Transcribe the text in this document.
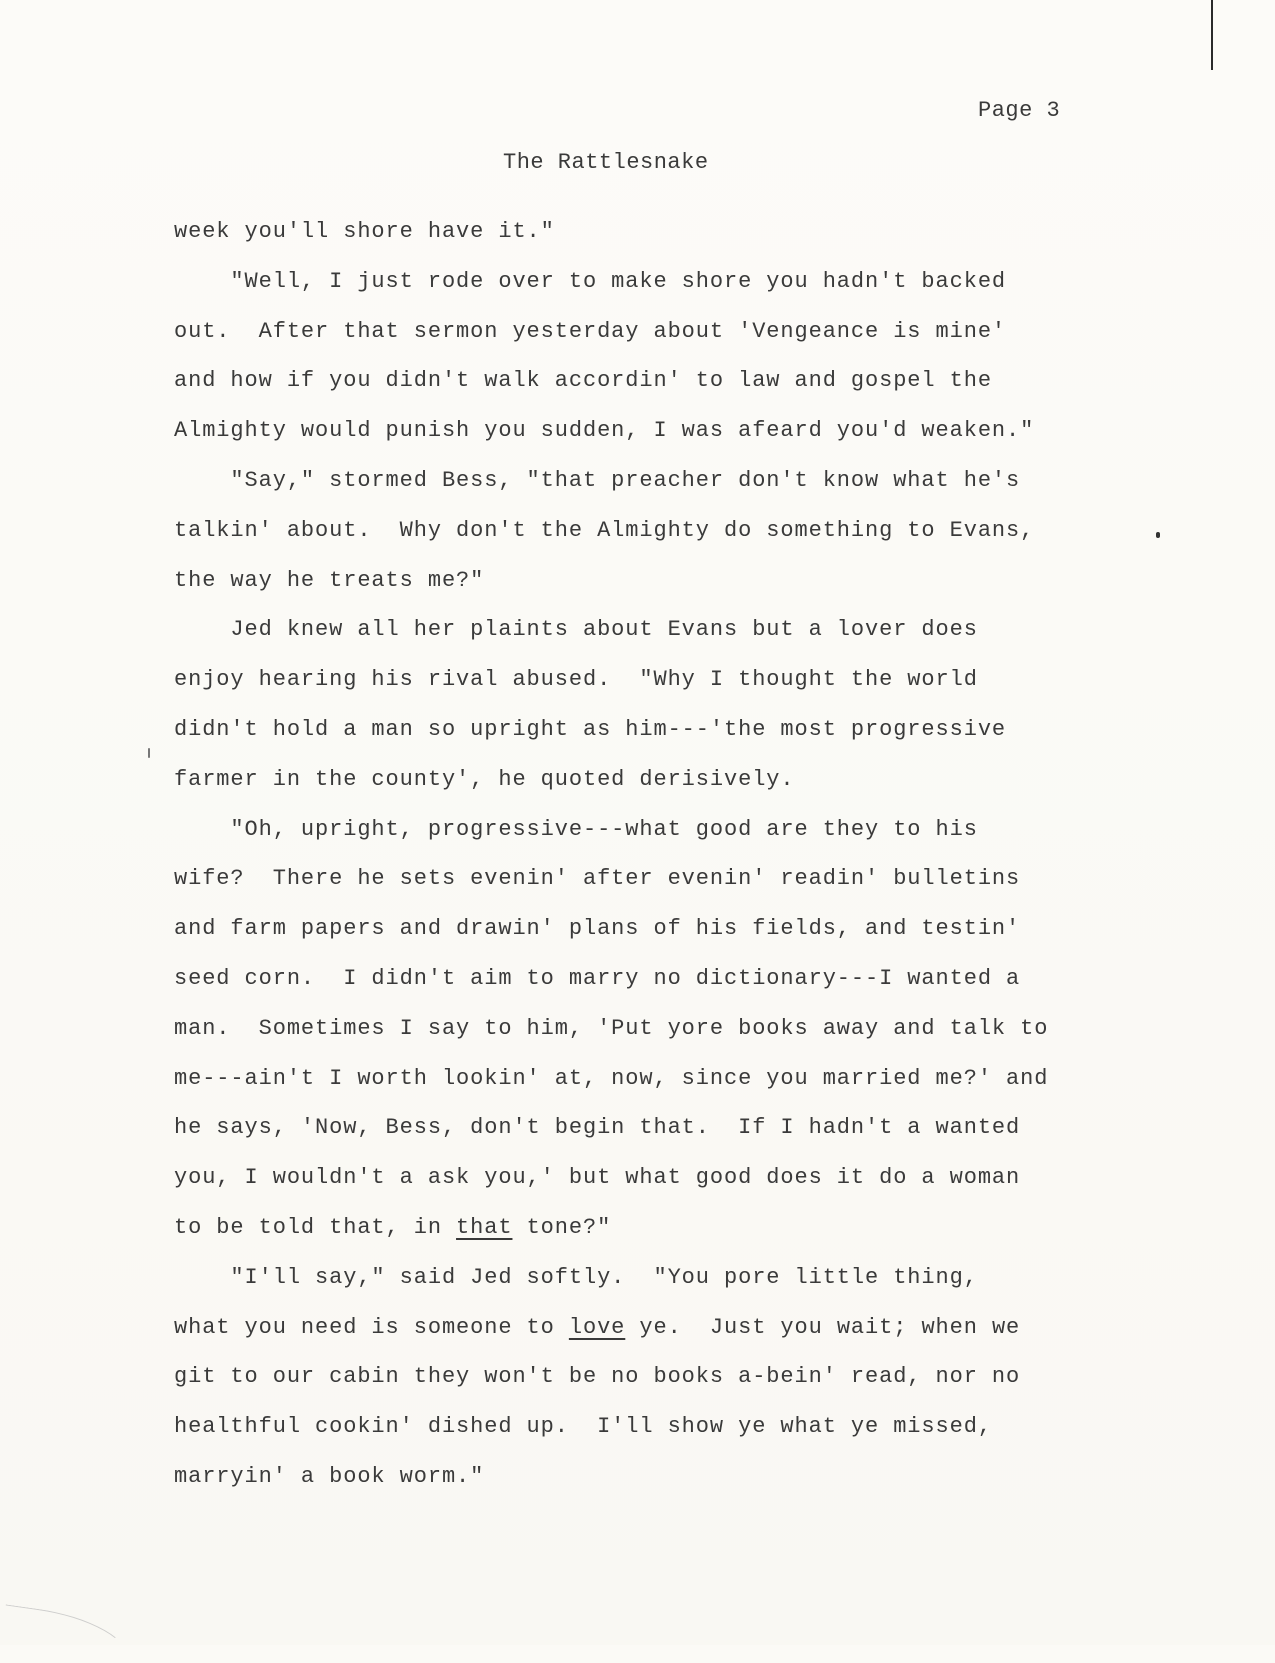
Page 3
The Rattlesnake
week you'll shore have it."
"Well, I just rode over to make shore you hadn't backed
out.  After that sermon yesterday about 'Vengeance is mine'
and how if you didn't walk accordin' to law and gospel the
Almighty would punish you sudden, I was afeard you'd weaken."
"Say," stormed Bess, "that preacher don't know what he's
talkin' about.  Why don't the Almighty do something to Evans,
the way he treats me?"
Jed knew all her plaints about Evans but a lover does
enjoy hearing his rival abused.  "Why I thought the world
didn't hold a man so upright as him---'the most progressive
farmer in the county', he quoted derisively.
"Oh, upright, progressive---what good are they to his
wife?  There he sets evenin' after evenin' readin' bulletins
and farm papers and drawin' plans of his fields, and testin'
seed corn.  I didn't aim to marry no dictionary---I wanted a
man.  Sometimes I say to him, 'Put yore books away and talk to
me---ain't I worth lookin' at, now, since you married me?' and
he says, 'Now, Bess, don't begin that.  If I hadn't a wanted
you, I wouldn't a ask you,' but what good does it do a woman
to be told that, in that tone?"
"I'll say," said Jed softly.  "You pore little thing,
what you need is someone to love ye.  Just you wait; when we
git to our cabin they won't be no books a-bein' read, nor no
healthful cookin' dished up.  I'll show ye what ye missed,
marryin' a book worm."
